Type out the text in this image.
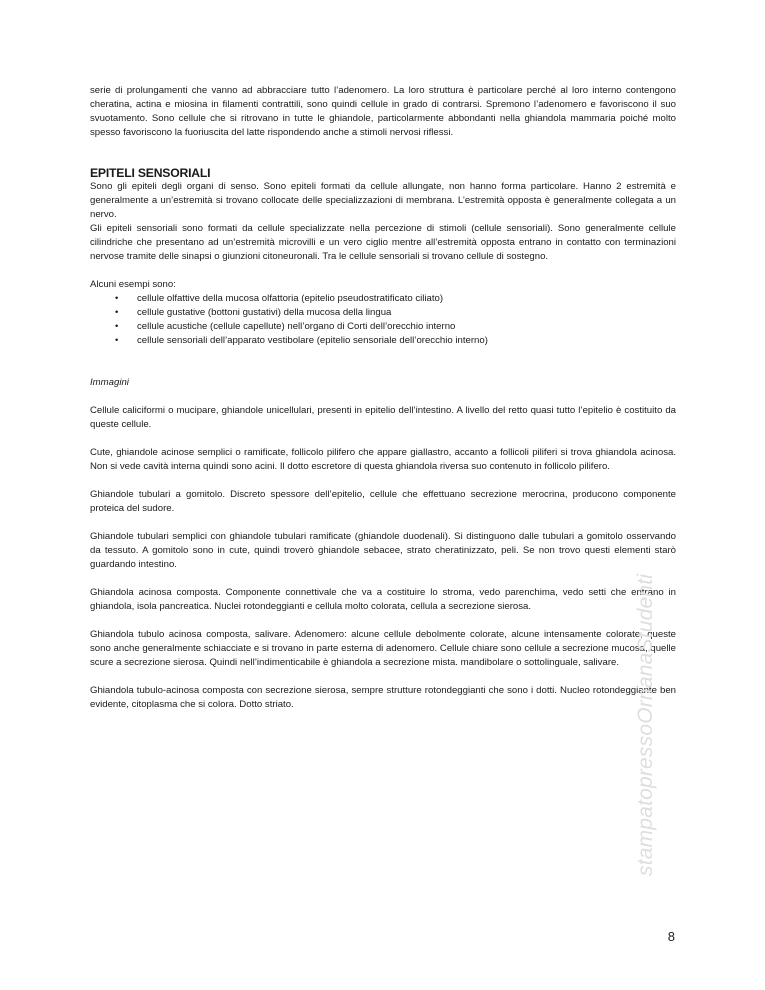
serie di prolungamenti che vanno ad abbracciare tutto l’adenomero. La loro struttura è particolare perché al loro interno contengono cheratina, actina e miosina in filamenti contrattili, sono quindi cellule in grado di contrarsi. Spremono l’adenomero e favoriscono il suo svuotamento. Sono cellule che si ritrovano in tutte le ghiandole, particolarmente abbondanti nella ghiandola mammaria poiché molto spesso favoriscono la fuoriuscita del latte rispondendo anche a stimoli nervosi riflessi.

EPITELI SENSORIALI

Sono gli epiteli degli organi di senso. Sono epiteli formati da cellule allungate, non hanno forma particolare. Hanno 2 estremità e generalmente a un’estremità si trovano collocate delle specializzazioni di membrana. L’estremità opposta è generalmente collegata a un nervo.

Gli epiteli sensoriali sono formati da cellule specializzate nella percezione di stimoli (cellule sensoriali). Sono generalmente cellule cilindriche che presentano ad un’estremità microvilli e un vero ciglio mentre all’estremità opposta entrano in contatto con terminazioni nervose tramite delle sinapsi o giunzioni citoneuronali. Tra le cellule sensoriali si trovano cellule di sostegno.

Alcuni esempi sono:

• cellule olfattive della mucosa olfattoria (epitelio pseudostratificato ciliato)
• cellule gustative (bottoni gustativi) della mucosa della lingua
• cellule acustiche (cellule capellute) nell’organo di Corti dell’orecchio interno
• cellule sensoriali dell’apparato vestibolare (epitelio sensoriale dell’orecchio interno)

Immagini

Cellule caliciformi o mucipare, ghiandole unicellulari, presenti in epitelio dell’intestino. A livello del retto quasi tutto l’epitelio è costituito da queste cellule.

Cute, ghiandole acinose semplici o ramificate, follicolo pilifero che appare giallastro, accanto a follicoli piliferi si trova ghiandola acinosa. Non si vede cavità interna quindi sono acini. Il dotto escretore di questa ghiandola riversa suo contenuto in follicolo pilifero.

Ghiandole tubulari a gomitolo. Discreto spessore dell’epitelio, cellule che effettuano secrezione merocrina, producono componente proteica del sudore.

Ghiandole tubulari semplici con ghiandole tubulari ramificate (ghiandole duodenali). Si distinguono dalle tubulari a gomitolo osservando da tessuto. A gomitolo sono in cute, quindi troverò ghiandole sebacee, strato cheratinizzato, peli. Se non trovo questi elementi starò guardando intestino.

Ghiandola acinosa composta. Componente connettivale che va a costituire lo stroma, vedo parenchima, vedo setti che entrano in ghiandola, isola pancreatica. Nuclei rotondeggianti e cellula molto colorata, cellula a secrezione sierosa.

Ghiandola tubulo acinosa composta, salivare. Adenomero: alcune cellule debolmente colorate, alcune intensamente colorate, queste sono anche generalmente schiacciate e si trovano in parte esterna di adenomero. Cellule chiare sono cellule a secrezione mucosa, quelle scure a secrezione sierosa. Quindi nell’indimenticabile è ghiandola a secrezione mista. mandibolare o sottolinguale, salivare.

Ghiandola tubulo-acinosa composta con secrezione sierosa, sempre strutture rotondeggianti che sono i dotti. Nucleo rotondeggiante ben evidente, citoplasma che si colora. Dotto striato.	stampatopressoOrnanaStudenti
8
